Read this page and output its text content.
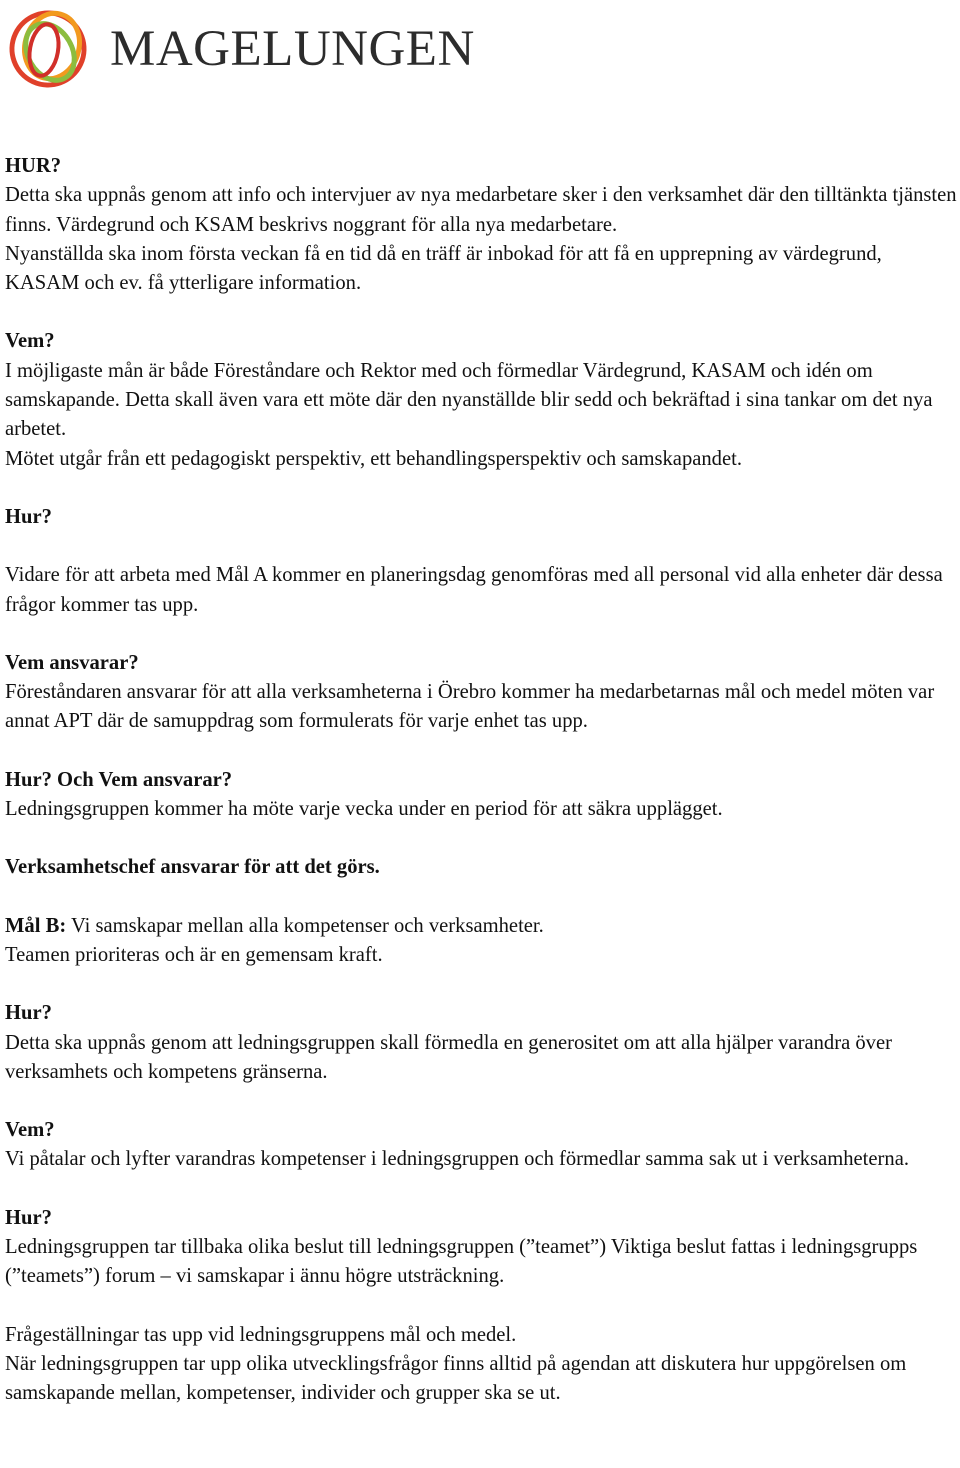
MAGELUNGEN

HUR?

Detta ska uppnås genom att info och intervjuer av nya medarbetare sker i den verksamhet där den tilltänkta tjänsten finns. Värdegrund och KSAM beskrivs noggrant för alla nya medarbetare.

Nyanställda ska inom första veckan få en tid då en träff är inbokad för att få en upprepning av värdegrund, KASAM och ev. få ytterligare information.

Vem?

I möjligaste mån är både Föreståndare och Rektor med och förmedlar Värdegrund, KASAM och idén om samskapande. Detta skall även vara ett möte där den nyanställde blir sedd och bekräftad i sina tankar om det nya arbetet.

Mötet utgår från ett pedagogiskt perspektiv, ett behandlingsperspektiv och samskapandet.

Hur?

Vidare för att arbeta med Mål A kommer en planeringsdag genomföras med all personal vid alla enheter där dessa frågor kommer tas upp.

Vem ansvarar?

Föreståndaren ansvarar för att alla verksamheterna i Örebro kommer ha medarbetarnas mål och medel möten var annat APT där de samuppdrag som formulerats för varje enhet tas upp.

Hur? Och Vem ansvarar?

Ledningsgruppen kommer ha möte varje vecka under en period för att säkra upplägget.

Verksamhetschef ansvarar för att det görs.

Mål B: Vi samskapar mellan alla kompetenser och verksamheter.

Teamen prioriteras och är en gemensam kraft.

Hur?

Detta ska uppnås genom att ledningsgruppen skall förmedla en generositet om att alla hjälper varandra över verksamhets och kompetens gränserna.

Vem?

Vi påtalar och lyfter varandras kompetenser i ledningsgruppen och förmedlar samma sak ut i verksamheterna.

Hur?

Ledningsgruppen tar tillbaka olika beslut till ledningsgruppen (”teamet”) Viktiga beslut fattas i ledningsgrupps (”teamets”) forum – vi samskapar i ännu högre utsträckning.

Frågeställningar tas upp vid ledningsgruppens mål och medel.

När ledningsgruppen tar upp olika utvecklingsfrågor finns alltid på agendan att diskutera hur uppgörelsen om samskapande mellan, kompetenser, individer och grupper ska se ut.
